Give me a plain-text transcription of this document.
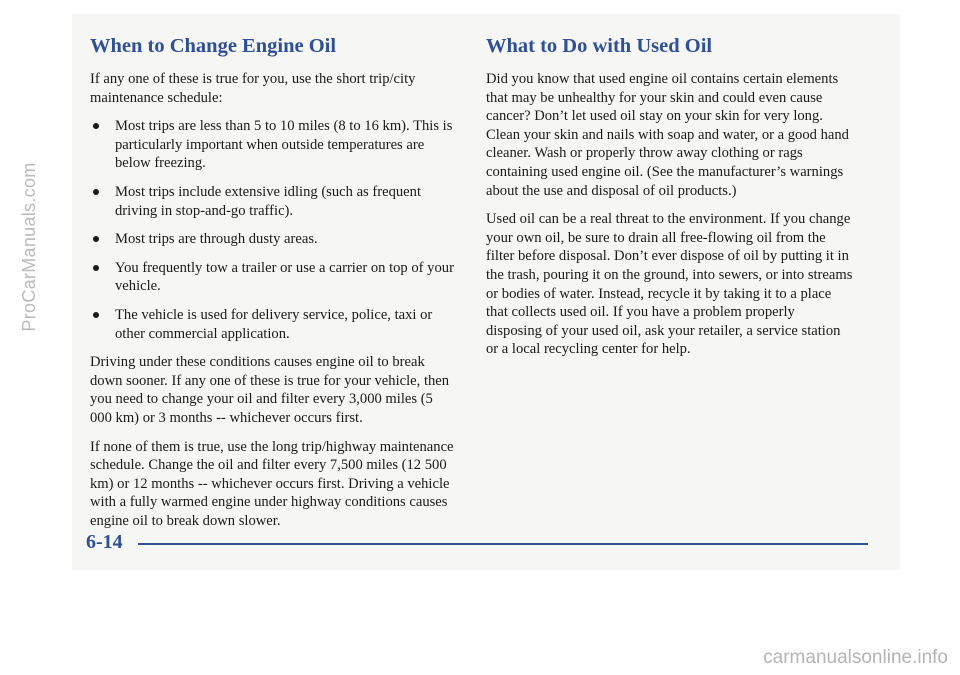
When to Change Engine Oil

If any one of these is true for you, use the short trip/city maintenance schedule:

Most trips are less than 5 to 10 miles (8 to 16 km). This is particularly important when outside temperatures are below freezing.
Most trips include extensive idling (such as frequent driving in stop-and-go traffic).
Most trips are through dusty areas.
You frequently tow a trailer or use a carrier on top of your vehicle.
The vehicle is used for delivery service, police, taxi or other commercial application.

Driving under these conditions causes engine oil to break down sooner. If any one of these is true for your vehicle, then you need to change your oil and filter every 3,000 miles (5 000 km) or 3 months -- whichever occurs first.

If none of them is true, use the long trip/highway maintenance schedule. Change the oil and filter every 7,500 miles (12 500 km) or 12 months -- whichever occurs first. Driving a vehicle with a fully warmed engine under highway conditions causes engine oil to break down slower.

What to Do with Used Oil

Did you know that used engine oil contains certain elements that may be unhealthy for your skin and could even cause cancer? Don’t let used oil stay on your skin for very long. Clean your skin and nails with soap and water, or a good hand cleaner. Wash or properly throw away clothing or rags containing used engine oil. (See the manufacturer’s warnings about the use and disposal of oil products.)

Used oil can be a real threat to the environment. If you change your own oil, be sure to drain all free-flowing oil from the filter before disposal. Don’t ever dispose of oil by putting it in the trash, pouring it on the ground, into sewers, or into streams or bodies of water. Instead, recycle it by taking it to a place that collects used oil. If you have a problem properly disposing of your used oil, ask your retailer, a service station or a local recycling center for help.

6-14
ProCarManuals.com
carmanualsonline.info
